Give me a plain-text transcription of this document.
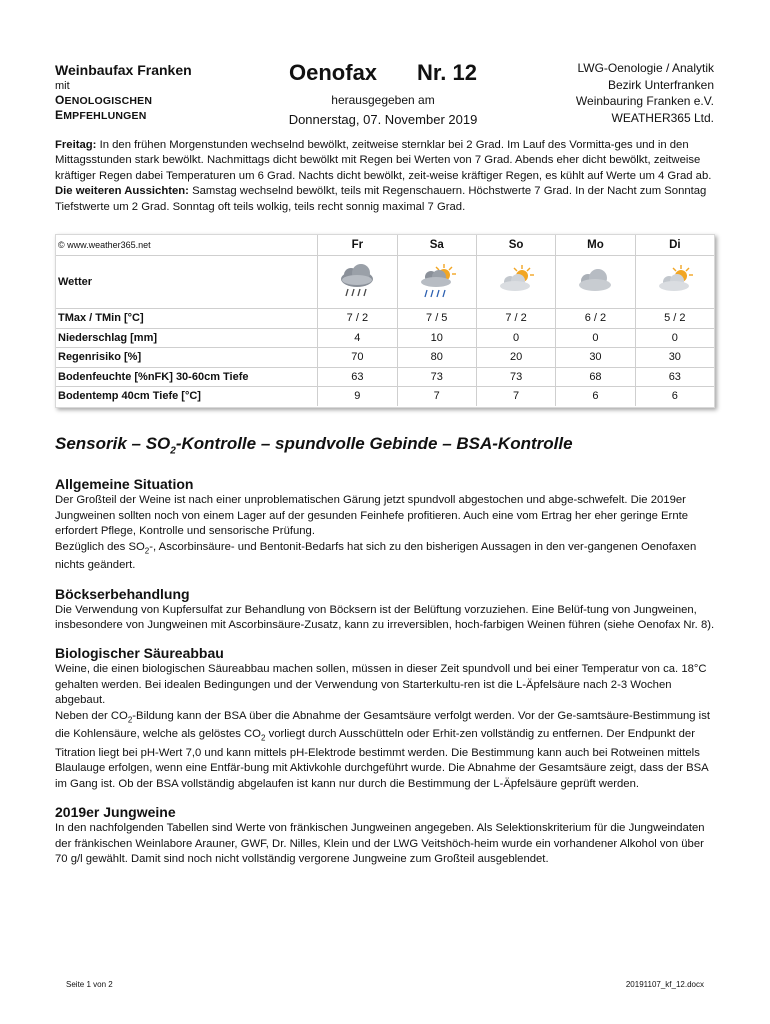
Weinbaufax Franken
mit
OENOLOGISCHEN
EMPFEHLUNGEN
Oenofax Nr. 12
herausgegeben am
Donnerstag, 07. November 2019
LWG-Oenologie / Analytik
Bezirk Unterfranken
Weinbauring Franken e.V.
WEATHER365 Ltd.
Freitag: In den frühen Morgenstunden wechselnd bewölkt, zeitweise sternklar bei 2 Grad. Im Lauf des Vormitta-ges und in den Mittagsstunden stark bewölkt. Nachmittags dicht bewölkt mit Regen bei Werten von 7 Grad. Abends eher dicht bewölkt, zeitweise kräftiger Regen dabei Temperaturen um 6 Grad. Nachts dicht bewölkt, zeit-weise kräftiger Regen, es kühlt auf Werte um 4 Grad ab.
Die weiteren Aussichten: Samstag wechselnd bewölkt, teils mit Regenschauern. Höchstwerte 7 Grad. In der Nacht zum Sonntag Tiefstwerte um 2 Grad. Sonntag oft teils wolkig, teils recht sonnig maximal 7 Grad.
© www.weather365.net	Fr	Sa	So	Mo	Di
Wetter					
TMax / TMin [°C]	7 / 2	7 / 5	7 / 2	6 / 2	5 / 2
Niederschlag [mm]	4	10	0	0	0
Regenrisiko [%]	70	80	20	30	30
Bodenfeuchte [%nFK] 30-60cm Tiefe	63	73	73	68	63
Bodentemp 40cm Tiefe [°C]	9	7	7	6	6
Sensorik – $SO_2$-Kontrolle – spundvolle Gebinde – BSA-Kontrolle
Allgemeine Situation
Der Großteil der Weine ist nach einer unproblematischen Gärung jetzt spundvoll abgestochen und abge-schwefelt. Die 2019er Jungweinen sollten noch von einem Lager auf der gesunden Feinhefe profitieren. Auch eine vom Ertrag her eher geringe Ernte erfordert Pflege, Kontrolle und sensorische Prüfung.
Bezüglich des $SO_2-$, Ascorbinsäure- und Bentonit-Bedarfs hat sich zu den bisherigen Aussagen in den ver-gangenen Oenofaxen nichts geändert.
Böckserbehandlung
Die Verwendung von Kupfersulfat zur Behandlung von Böcksern ist der Belüftung vorzuziehen. Eine Belüf-tung von Jungweinen, insbesondere von Jungweinen mit Ascorbinsäure-Zusatz, kann zu irreversiblen, hoch-farbigen Weinen führen (siehe Oenofax Nr. 8).
Biologischer Säureabbau
Weine, die einen biologischen Säureabbau machen sollen, müssen in dieser Zeit spundvoll und bei einer Temperatur von ca. 18°C gehalten werden. Bei idealen Bedingungen und der Verwendung von Starterkultu-ren ist die L-Äpfelsäure nach 2-3 Wochen abgebaut.
Neben der $CO_2$-Bildung kann der BSA über die Abnahme der Gesamtsäure verfolgt werden. Vor der Ge-samtsäure-Bestimmung ist die Kohlensäure, welche als gelöstes $CO_2$ vorliegt durch Ausschütteln oder Erhit-zen vollständig zu entfernen. Der Endpunkt der Titration liegt bei pH-Wert 7,0 und kann mittels pH-Elektrode bestimmt werden. Die Bestimmung kann auch bei Rotweinen mittels Blaulauge erfolgen, wenn eine Entfär-bung mit Aktivkohle durchgeführt wurde. Die Abnahme der Gesamtsäure zeigt, dass der BSA im Gang ist. Ob der BSA vollständig abgelaufen ist kann nur durch die Bestimmung der L-Äpfelsäure geprüft werden.
2019er Jungweine
In den nachfolgenden Tabellen sind Werte von fränkischen Jungweinen angegeben. Als Selektionskriterium für die Jungweindaten der fränkischen Weinlabore Arauner, GWF, Dr. Nilles, Klein und der LWG Veitshöch-heim wurde ein vorhandener Alkohol von über 70 g/l gewählt. Damit sind noch nicht vollständig vergorene Jungweine zum Großteil ausgeblendet.
Seite 1 von 2	20191107_kf_12.docx
